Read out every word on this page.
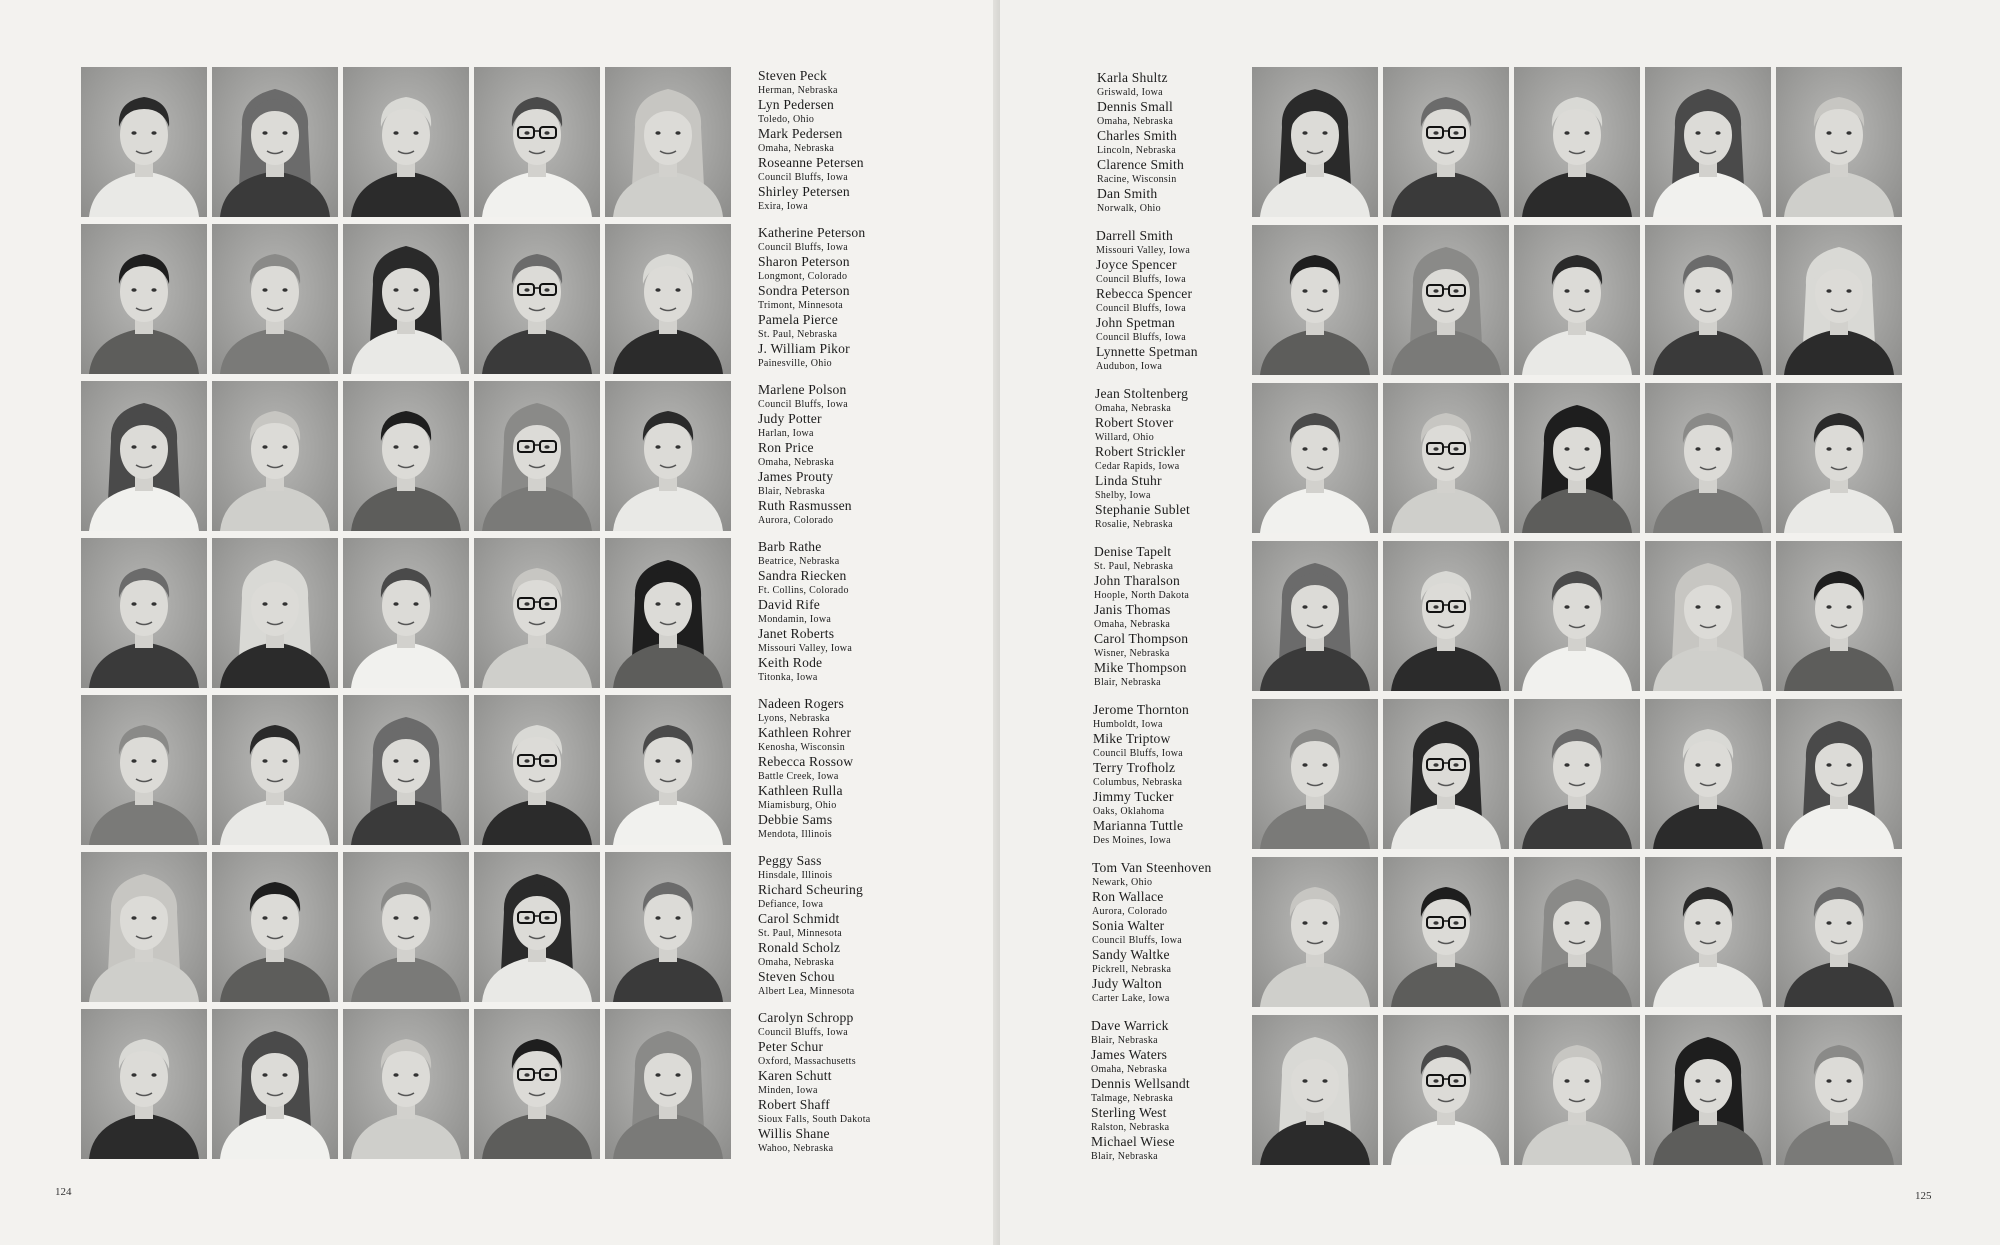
Steven Peck
Herman, Nebraska
Lyn Pedersen
Toledo, Ohio
Mark Pedersen
Omaha, Nebraska
Roseanne Petersen
Council Bluffs, Iowa
Shirley Petersen
Exira, Iowa
Katherine Peterson
Council Bluffs, Iowa
Sharon Peterson
Longmont, Colorado
Sondra Peterson
Trimont, Minnesota
Pamela Pierce
St. Paul, Nebraska
J. William Pikor
Painesville, Ohio
Marlene Polson
Council Bluffs, Iowa
Judy Potter
Harlan, Iowa
Ron Price
Omaha, Nebraska
James Prouty
Blair, Nebraska
Ruth Rasmussen
Aurora, Colorado
Barb Rathe
Beatrice, Nebraska
Sandra Riecken
Ft. Collins, Colorado
David Rife
Mondamin, Iowa
Janet Roberts
Missouri Valley, Iowa
Keith Rode
Titonka, Iowa
Nadeen Rogers
Lyons, Nebraska
Kathleen Rohrer
Kenosha, Wisconsin
Rebecca Rossow
Battle Creek, Iowa
Kathleen Rulla
Miamisburg, Ohio
Debbie Sams
Mendota, Illinois
Peggy Sass
Hinsdale, Illinois
Richard Scheuring
Defiance, Iowa
Carol Schmidt
St. Paul, Minnesota
Ronald Scholz
Omaha, Nebraska
Steven Schou
Albert Lea, Minnesota
Carolyn Schropp
Council Bluffs, Iowa
Peter Schur
Oxford, Massachusetts
Karen Schutt
Minden, Iowa
Robert Shaff
Sioux Falls, South Dakota
Willis Shane
Wahoo, Nebraska
124
Karla Shultz
Griswald, Iowa
Dennis Small
Omaha, Nebraska
Charles Smith
Lincoln, Nebraska
Clarence Smith
Racine, Wisconsin
Dan Smith
Norwalk, Ohio
Darrell Smith
Missouri Valley, Iowa
Joyce Spencer
Council Bluffs, Iowa
Rebecca Spencer
Council Bluffs, Iowa
John Spetman
Council Bluffs, Iowa
Lynnette Spetman
Audubon, Iowa
Jean Stoltenberg
Omaha, Nebraska
Robert Stover
Willard, Ohio
Robert Strickler
Cedar Rapids, Iowa
Linda Stuhr
Shelby, Iowa
Stephanie Sublet
Rosalie, Nebraska
Denise Tapelt
St. Paul, Nebraska
John Tharalson
Hoople, North Dakota
Janis Thomas
Omaha, Nebraska
Carol Thompson
Wisner, Nebraska
Mike Thompson
Blair, Nebraska
Jerome Thornton
Humboldt, Iowa
Mike Triptow
Council Bluffs, Iowa
Terry Trofholz
Columbus, Nebraska
Jimmy Tucker
Oaks, Oklahoma
Marianna Tuttle
Des Moines, Iowa
Tom Van Steenhoven
Newark, Ohio
Ron Wallace
Aurora, Colorado
Sonia Walter
Council Bluffs, Iowa
Sandy Waltke
Pickrell, Nebraska
Judy Walton
Carter Lake, Iowa
Dave Warrick
Blair, Nebraska
James Waters
Omaha, Nebraska
Dennis Wellsandt
Talmage, Nebraska
Sterling West
Ralston, Nebraska
Michael Wiese
Blair, Nebraska
125
